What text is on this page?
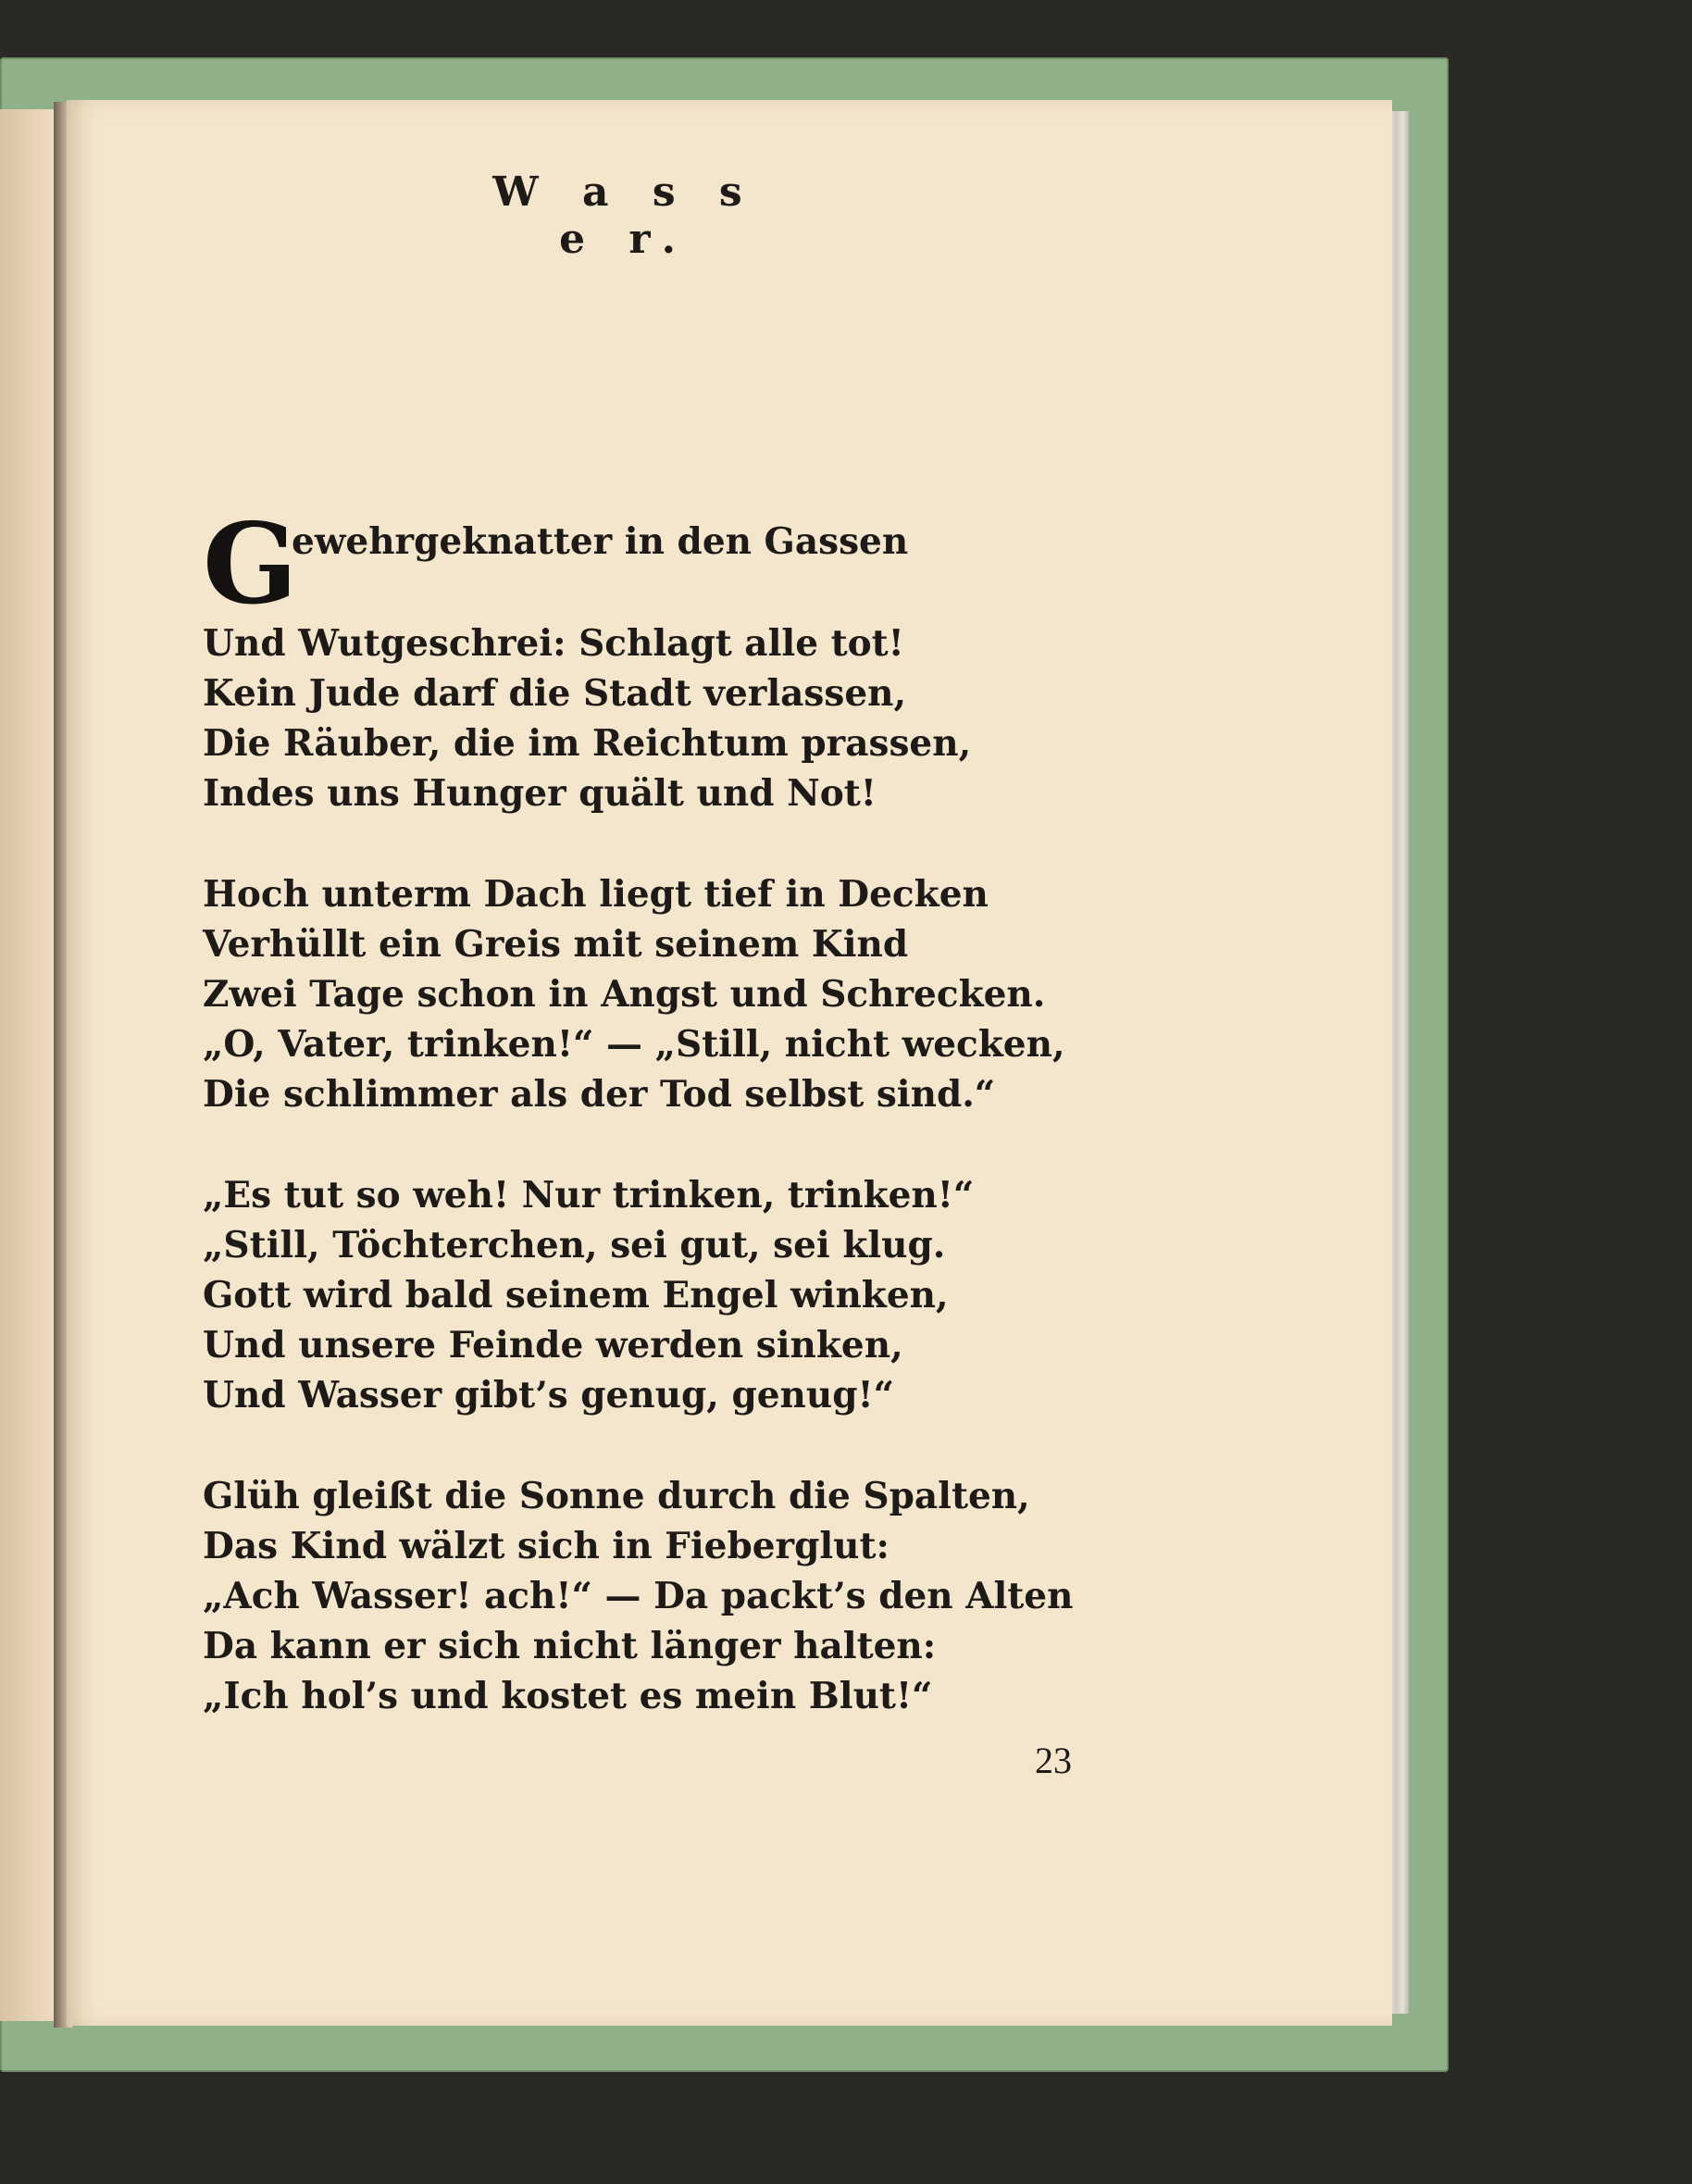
W a s s e r.
G
ewehrgeknatter in den Gassen
Und Wutgeschrei: Schlagt alle tot!
Kein Jude darf die Stadt verlassen,
Die Räuber, die im Reichtum prassen,
Indes uns Hunger quält und Not!
Hoch unterm Dach liegt tief in Decken
Verhüllt ein Greis mit seinem Kind
Zwei Tage schon in Angst und Schrecken.
„O, Vater, trinken!“ — „Still, nicht wecken,
Die schlimmer als der Tod selbst sind.“
„Es tut so weh! Nur trinken, trinken!“
„Still, Töchterchen, sei gut, sei klug.
Gott wird bald seinem Engel winken,
Und unsere Feinde werden sinken,
Und Wasser gibt’s genug, genug!“
Glüh gleißt die Sonne durch die Spalten,
Das Kind wälzt sich in Fieberglut:
„Ach Wasser! ach!“ — Da packt’s den Alten
Da kann er sich nicht länger halten:
„Ich hol’s und kostet es mein Blut!“
23
